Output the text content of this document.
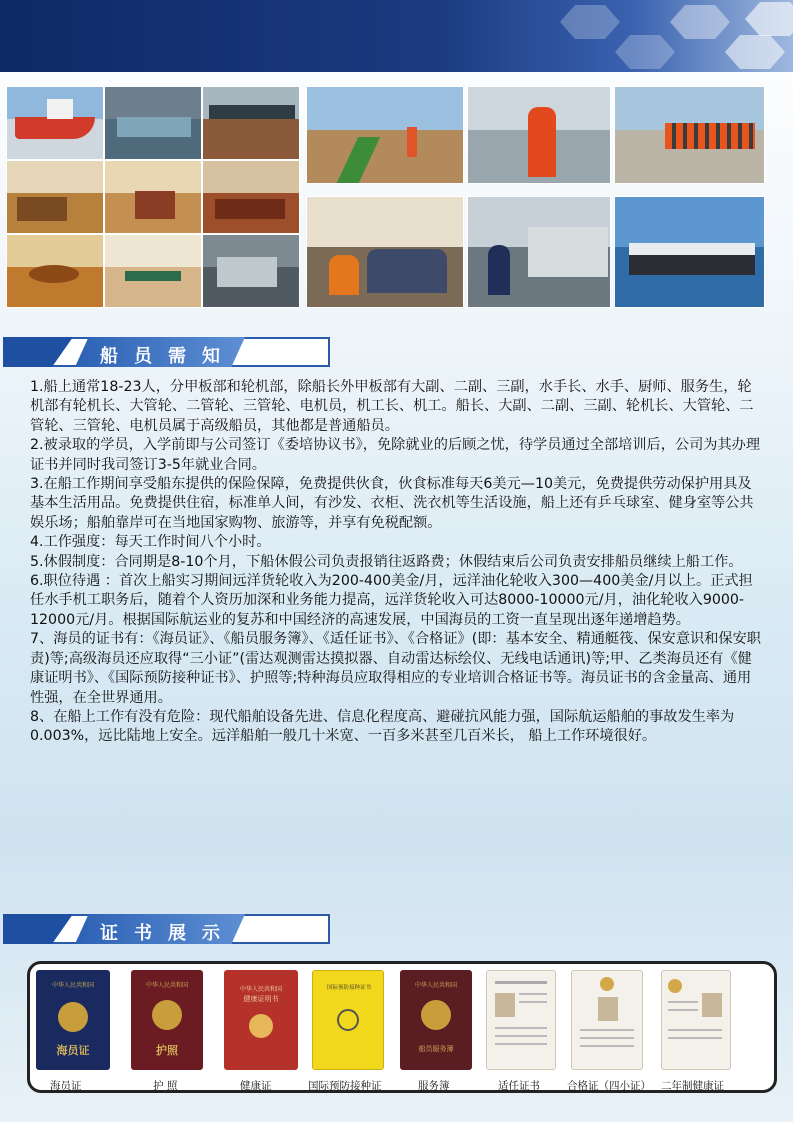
船员需知

1.船上通常18-23人，分甲板部和轮机部，除船长外甲板部有大副、二副、三副，水手长、水手、厨师、服务生，轮机部有轮机长、大管轮、二管轮、三管轮、电机员，机工长、机工。船长、大副、二副、三副、轮机长、大管轮、二管轮、三管轮、电机员属于高级船员，其他都是普通船员。

2.被录取的学员，入学前即与公司签订《委培协议书》，免除就业的后顾之忧，待学员通过全部培训后，公司为其办理证书并同时我司签订3-5年就业合同。

3.在船工作期间享受船东提供的保险保障，免费提供伙食，伙食标准每天6美元—10美元，免费提供劳动保护用具及基本生活用品。免费提供住宿，标准单人间，有沙发、衣柜、洗衣机等生活设施，船上还有乒乓球室、健身室等公共娱乐场；船舶靠岸可在当地国家购物、旅游等，并享有免税配额。

4.工作强度：每天工作时间八个小时。

5.休假制度：合同期是8-10个月，下船休假公司负责报销往返路费；休假结束后公司负责安排船员继续上船工作。

6.职位待遇 ：首次上船实习期间远洋货轮收入为200-400美金/月，远洋油化轮收入300—400美金/月以上。正式担任水手机工职务后，随着个人资历加深和业务能力提高，远洋货轮收入可达8000-10000元/月，油化轮收入9000-12000元/月。根据国际航运业的复苏和中国经济的高速发展，中国海员的工资一直呈现出逐年递增趋势。

7、海员的证书有：《海员证》、《船员服务簿》、《适任证书》、《合格证》(即：基本安全、精通艇筏、保安意识和保安职责)等;高级海员还应取得“三小证”(雷达观测雷达摸拟器、自动雷达标绘仪、无线电话通讯)等;甲、乙类海员还有《健康证明书》、《国际预防接种证书》、护照等;特种海员应取得相应的专业培训合格证书等。海员证书的含金量高、通用性强，在全世界通用。

8、在船上工作有没有危险：现代船舶设备先进、信息化程度高、避碰抗风能力强，国际航运船舶的事故发生率为0.003%，远比陆地上安全。远洋船舶一般几十米宽、一百多米甚至几百米长， 船上工作环境很好。

证书展示
中华人民共和国
海员证
海员证
中华人民共和国
护照
护 照
中华人民共和国
健康证明书
健康证
国际预防接种证书
国际预防接种证
中华人民共和国
船员服务簿
服务簿	适任证书	合格证（四小证） 二年制健康证
